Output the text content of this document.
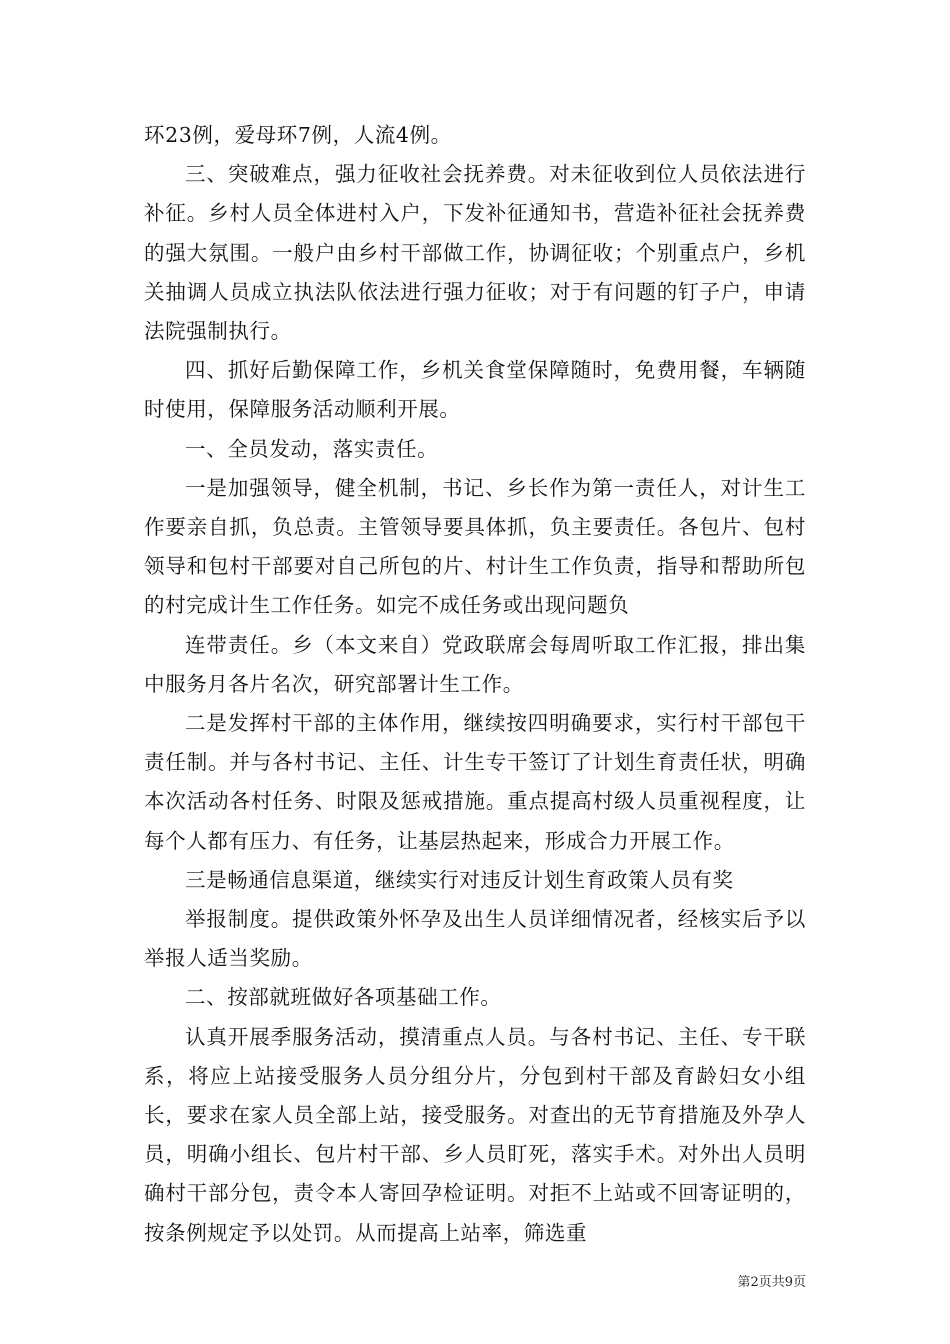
环23例，爱母环7例，人流4例。

三、突破难点，强力征收社会抚养费。对未征收到位人员依法进行补征。乡村人员全体进村入户，下发补征通知书，营造补征社会抚养费的强大氛围。一般户由乡村干部做工作，协调征收；个别重点户，乡机关抽调人员成立执法队依法进行强力征收；对于有问题的钉子户，申请法院强制执行。

四、抓好后勤保障工作，乡机关食堂保障随时，免费用餐，车辆随时使用，保障服务活动顺利开展。

一、全员发动，落实责任。

一是加强领导，健全机制，书记、乡长作为第一责任人，对计生工作要亲自抓，负总责。主管领导要具体抓，负主要责任。各包片、包村领导和包村干部要对自己所包的片、村计生工作负责，指导和帮助所包的村完成计生工作任务。如完不成任务或出现问题负

连带责任。乡（本文来自）党政联席会每周听取工作汇报，排出集中服务月各片名次，研究部署计生工作。

二是发挥村干部的主体作用，继续按四明确要求，实行村干部包干责任制。并与各村书记、主任、计生专干签订了计划生育责任状，明确本次活动各村任务、时限及惩戒措施。重点提高村级人员重视程度，让每个人都有压力、有任务，让基层热起来，形成合力开展工作。

三是畅通信息渠道，继续实行对违反计划生育政策人员有奖

举报制度。提供政策外怀孕及出生人员详细情况者，经核实后予以举报人适当奖励。

二、按部就班做好各项基础工作。

认真开展季服务活动，摸清重点人员。与各村书记、主任、专干联系，将应上站接受服务人员分组分片，分包到村干部及育龄妇女小组长，要求在家人员全部上站，接受服务。对查出的无节育措施及外孕人员，明确小组长、包片村干部、乡人员盯死，落实手术。对外出人员明确村干部分包，责令本人寄回孕检证明。对拒不上站或不回寄证明的，按条例规定予以处罚。从而提高上站率，筛选重

第2页共9页
